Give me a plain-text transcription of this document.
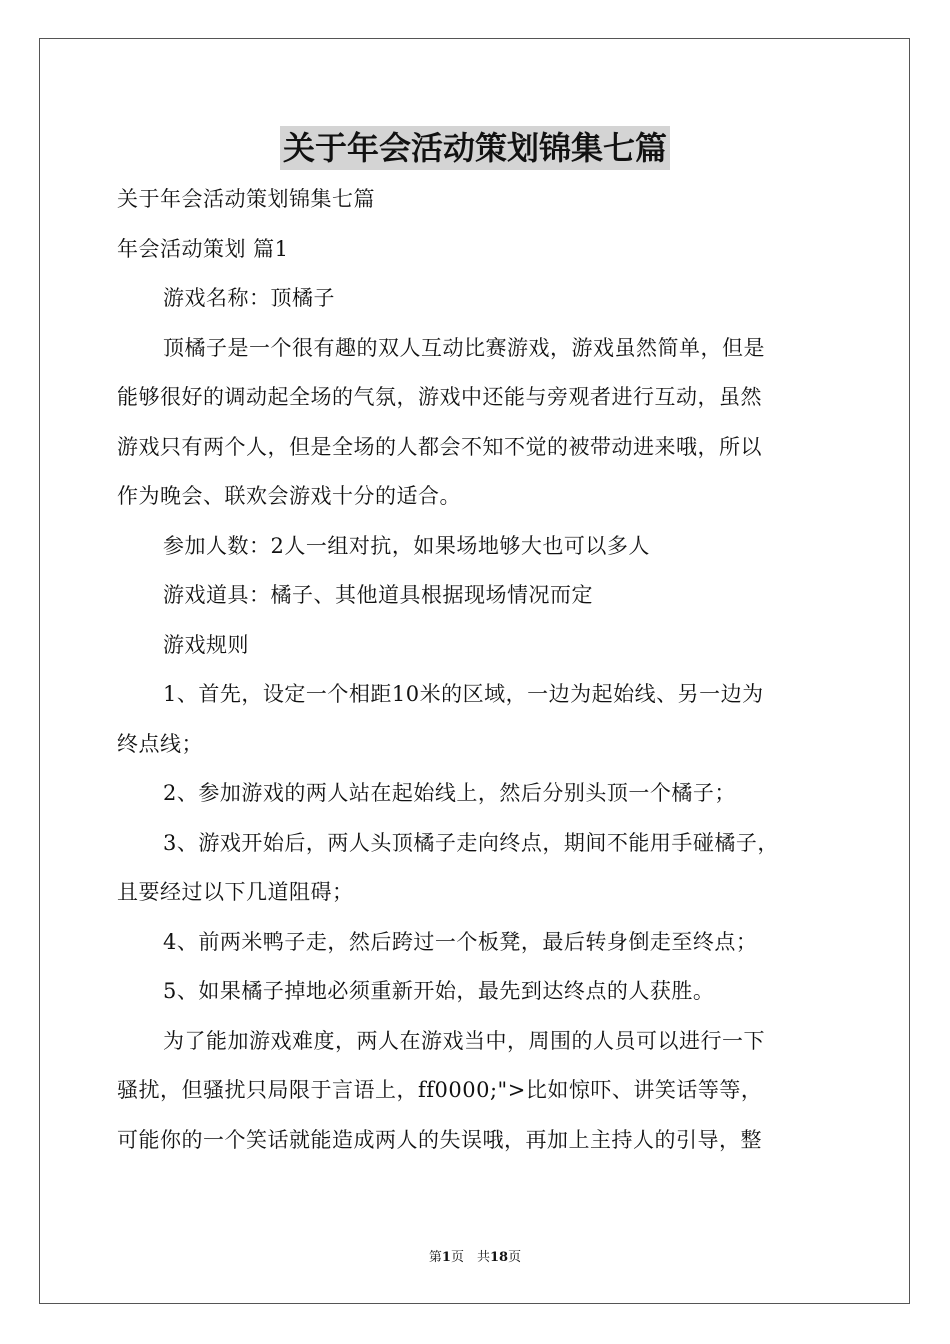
关于年会活动策划锦集七篇
关于年会活动策划锦集七篇
年会活动策划 篇1
游戏名称：顶橘子
顶橘子是一个很有趣的双人互动比赛游戏，游戏虽然简单，但是
能够很好的调动起全场的气氛，游戏中还能与旁观者进行互动，虽然
游戏只有两个人，但是全场的人都会不知不觉的被带动进来哦，所以
作为晚会、联欢会游戏十分的适合。
参加人数：2人一组对抗，如果场地够大也可以多人
游戏道具：橘子、其他道具根据现场情况而定
游戏规则
1、首先，设定一个相距10米的区域，一边为起始线、另一边为
终点线；
2、参加游戏的两人站在起始线上，然后分别头顶一个橘子；
3、游戏开始后，两人头顶橘子走向终点，期间不能用手碰橘子，
且要经过以下几道阻碍；
4、前两米鸭子走，然后跨过一个板凳，最后转身倒走至终点；
5、如果橘子掉地必须重新开始，最先到达终点的人获胜。
为了能加游戏难度，两人在游戏当中，周围的人员可以进行一下
骚扰，但骚扰只局限于言语上，ff0000;">比如惊吓、讲笑话等等，
可能你的一个笑话就能造成两人的失误哦，再加上主持人的引导，整
第1页　共18页
